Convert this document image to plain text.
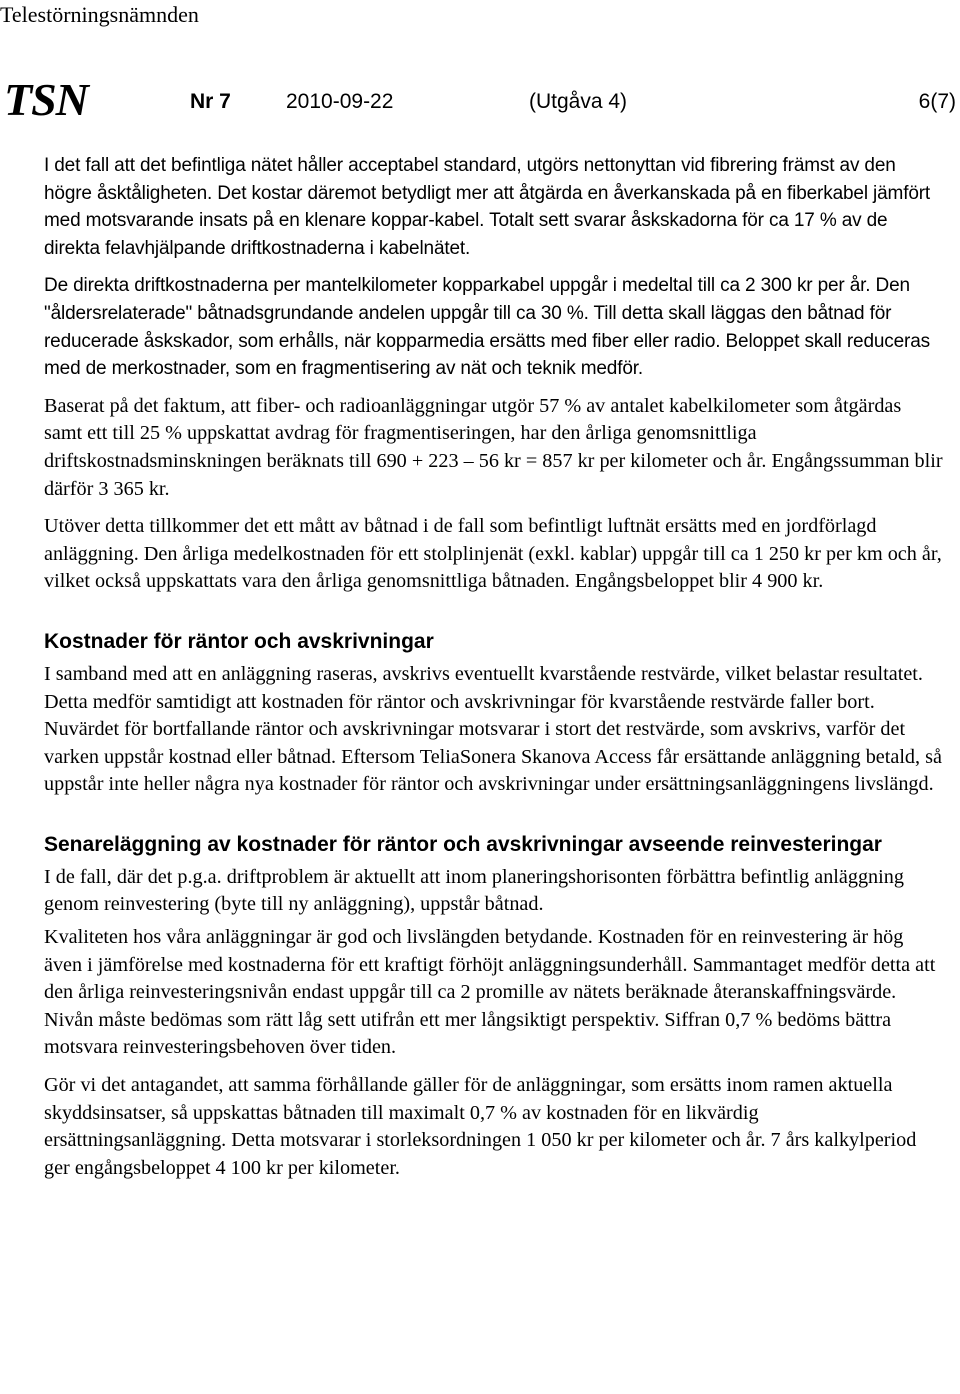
Telestörningsnämnden
TSN	Nr 7	2010-09-22	(Utgåva 4)	6(7)

I det fall att det befintliga nätet håller acceptabel standard, utgörs nettonyttan vid fibrering främst av den högre åsktåligheten. Det kostar däremot betydligt mer att åtgärda en åverkanskada på en fiberkabel jämfört med motsvarande insats på en klenare koppar-kabel. Totalt sett svarar åskskadorna för ca 17 % av de direkta felavhjälpande driftkostnaderna i kabelnätet.

De direkta driftkostnaderna per mantelkilometer kopparkabel uppgår i medeltal till ca 2 300 kr per år. Den "åldersrelaterade" båtnadsgrundande andelen uppgår till ca 30 %. Till detta skall läggas den båtnad för reducerade åskskador, som erhålls, när kopparmedia ersätts med fiber eller radio. Beloppet skall reduceras med de merkostnader, som en fragmentisering av nät och teknik medför.

Baserat på det faktum, att fiber- och radioanläggningar utgör 57 % av antalet kabelkilometer som åtgärdas samt ett till 25 % uppskattat avdrag för fragmentiseringen, har den årliga genomsnittliga driftskostnadsminskningen beräknats till 690 + 223 – 56 kr = 857 kr per kilometer och år. Engångssumman blir därför 3 365 kr.

Utöver detta tillkommer det ett mått av båtnad i de fall som befintligt luftnät ersätts med en jordförlagd anläggning. Den årliga medelkostnaden för ett stolplinjenät (exkl. kablar) uppgår till ca 1 250 kr per km och år, vilket också uppskattats vara den årliga genomsnittliga båtnaden. Engångsbeloppet blir 4 900 kr.

Kostnader för räntor och avskrivningar

I samband med att en anläggning raseras, avskrivs eventuellt kvarstående restvärde, vilket belastar resultatet. Detta medför samtidigt att kostnaden för räntor och avskrivningar för kvarstående restvärde faller bort. Nuvärdet för bortfallande räntor och avskrivningar motsvarar i stort det restvärde, som avskrivs, varför det varken uppstår kostnad eller båtnad. Eftersom TeliaSonera Skanova Access får ersättande anläggning betald, så uppstår inte heller några nya kostnader för räntor och avskrivningar under ersättningsanläggningens livslängd.

Senareläggning av kostnader för räntor och avskrivningar avseende reinvesteringar

I de fall, där det p.g.a. driftproblem är aktuellt att inom planeringshorisonten förbättra befintlig anläggning genom reinvestering (byte till ny anläggning), uppstår båtnad.

Kvaliteten hos våra anläggningar är god och livslängden betydande. Kostnaden för en reinvestering är hög även i jämförelse med kostnaderna för ett kraftigt förhöjt anläggningsunderhåll. Sammantaget medför detta att den årliga reinvesteringsnivån endast uppgår till ca 2 promille av nätets beräknade återanskaffningsvärde. Nivån måste bedömas som rätt låg sett utifrån ett mer långsiktigt perspektiv. Siffran 0,7 % bedöms bättra motsvara reinvesteringsbehoven över tiden.

Gör vi det antagandet, att samma förhållande gäller för de anläggningar, som ersätts inom ramen aktuella skyddsinsatser, så uppskattas båtnaden till maximalt 0,7 % av kostnaden för en likvärdig ersättningsanläggning. Detta motsvarar i storleksordningen 1 050 kr per kilometer och år. 7 års kalkylperiod ger engångsbeloppet 4 100 kr per kilometer.
